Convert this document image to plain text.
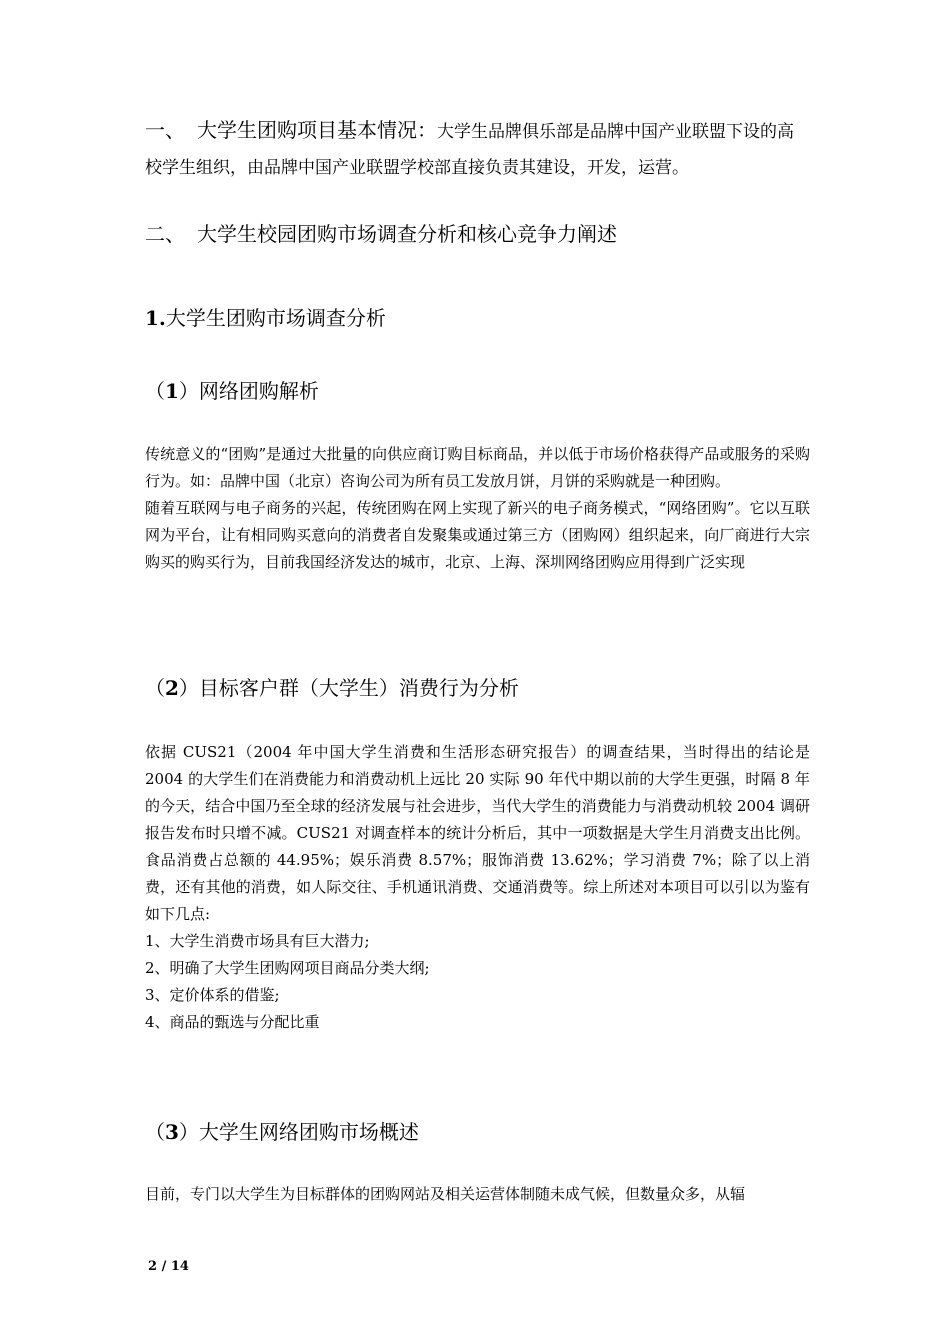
一、 大学生团购项目基本情况：大学生品牌俱乐部是品牌中国产业联盟下设的高校学生组织，由品牌中国产业联盟学校部直接负责其建设，开发，运营。
二、 大学生校园团购市场调查分析和核心竞争力阐述
1.大学生团购市场调查分析
（1）网络团购解析

传统意义的“团购”是通过大批量的向供应商订购目标商品，并以低于市场价格获得产品或服务的采购行为。如：品牌中国（北京）咨询公司为所有员工发放月饼，月饼的采购就是一种团购。

随着互联网与电子商务的兴起，传统团购在网上实现了新兴的电子商务模式，“网络团购”。它以互联网为平台，让有相同购买意向的消费者自发聚集或通过第三方（团购网）组织起来，向厂商进行大宗购买的购买行为，目前我国经济发达的城市，北京、上海、深圳网络团购应用得到广泛实现

（2）目标客户群（大学生）消费行为分析

依据 CUS21（2004 年中国大学生消费和生活形态研究报告）的调查结果，当时得出的结论是 2004 的大学生们在消费能力和消费动机上远比 20 实际 90 年代中期以前的大学生更强，时隔 8 年的今天，结合中国乃至全球的经济发展与社会进步，当代大学生的消费能力与消费动机较 2004 调研报告发布时只增不减。CUS21 对调查样本的统计分析后，其中一项数据是大学生月消费支出比例。食品消费占总额的 44.95%；娱乐消费 8.57%；服饰消费 13.62%；学习消费 7%；除了以上消费，还有其他的消费，如人际交往、手机通讯消费、交通消费等。综上所述对本项目可以引以为鉴有如下几点:

1、大学生消费市场具有巨大潜力;
2、明确了大学生团购网项目商品分类大纲;
3、定价体系的借鉴;
4、商品的甄选与分配比重
（3）大学生网络团购市场概述

目前，专门以大学生为目标群体的团购网站及相关运营体制随未成气候，但数量众多，从辐

2 / 14
